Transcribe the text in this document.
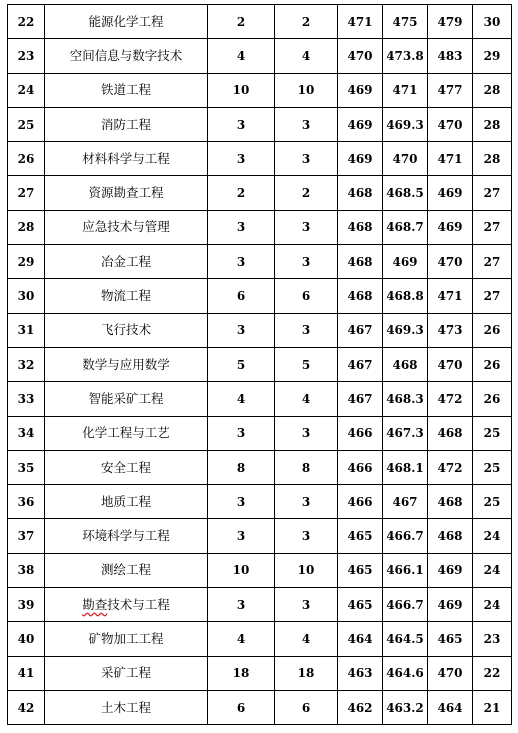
22	能源化学工程	2	2	471	475	479	30
23	空间信息与数字技术	4	4	470	473.8	483	29
24	铁道工程	10	10	469	471	477	28
25	消防工程	3	3	469	469.3	470	28
26	材料科学与工程	3	3	469	470	471	28
27	资源勘查工程	2	2	468	468.5	469	27
28	应急技术与管理	3	3	468	468.7	469	27
29	冶金工程	3	3	468	469	470	27
30	物流工程	6	6	468	468.8	471	27
31	飞行技术	3	3	467	469.3	473	26
32	数学与应用数学	5	5	467	468	470	26
33	智能采矿工程	4	4	467	468.3	472	26
34	化学工程与工艺	3	3	466	467.3	468	25
35	安全工程	8	8	466	468.1	472	25
36	地质工程	3	3	466	467	468	25
37	环境科学与工程	3	3	465	466.7	468	24
38	测绘工程	10	10	465	466.1	469	24
39	勘查技术与工程	3	3	465	466.7	469	24
40	矿物加工工程	4	4	464	464.5	465	23
41	采矿工程	18	18	463	464.6	470	22
42	土木工程	6	6	462	463.2	464	21
